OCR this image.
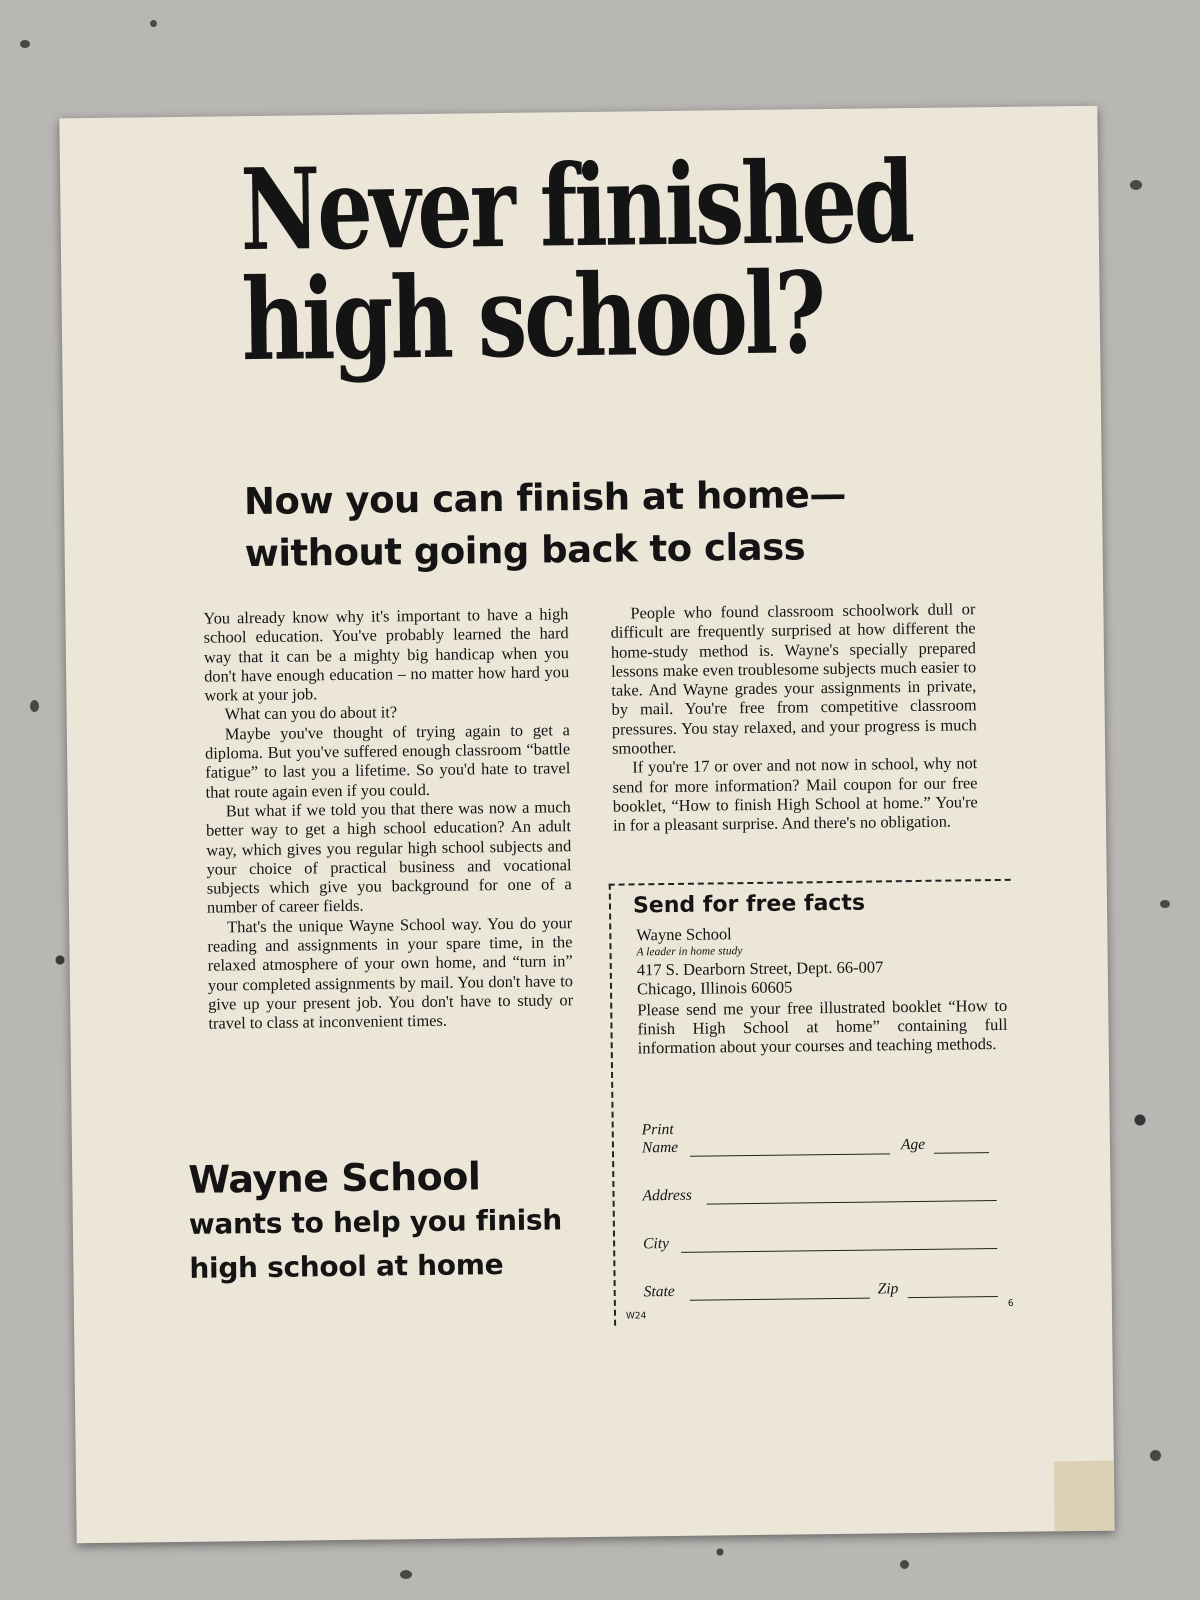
Never finished
high school?
Now you can finish at home—
without going back to class

You already know why it's important to have a high school education. You've probably learned the hard way that it can be a mighty big handicap when you don't have enough education – no matter how hard you work at your job.

What can you do about it?

Maybe you've thought of trying again to get a diploma. But you've suffered enough classroom “battle fatigue” to last you a lifetime. So you'd hate to travel that route again even if you could.

But what if we told you that there was now a much better way to get a high school education? An adult way, which gives you regular high school subjects and your choice of practical business and vocational subjects which give you background for one of a number of career fields.

That's the unique Wayne School way. You do your reading and assignments in your spare time, in the relaxed atmosphere of your own home, and “turn in” your completed assignments by mail. You don't have to give up your present job. You don't have to study or travel to class at inconvenient times.

People who found classroom schoolwork dull or difficult are frequently surprised at how different the home-study method is. Wayne's specially prepared lessons make even troublesome subjects much easier to take. And Wayne grades your assignments in private, by mail. You're free from competitive classroom pressures. You stay relaxed, and your progress is much smoother.

If you're 17 or over and not now in school, why not send for more information? Mail coupon for our free booklet, “How to finish High School at home.” You're in for a pleasant surprise. And there's no obligation.

Wayne School
wants to help you finish
high school at home
Send for free facts
Wayne School
A leader in home study
417 S. Dearborn Street, Dept. 66-007
Chicago, Illinois 60605
Please send me your free illustrated booklet “How to finish High School at home” containing full information about your courses and teaching methods.
Print
Name	Age
Address
City
State	Zip
W24
6
